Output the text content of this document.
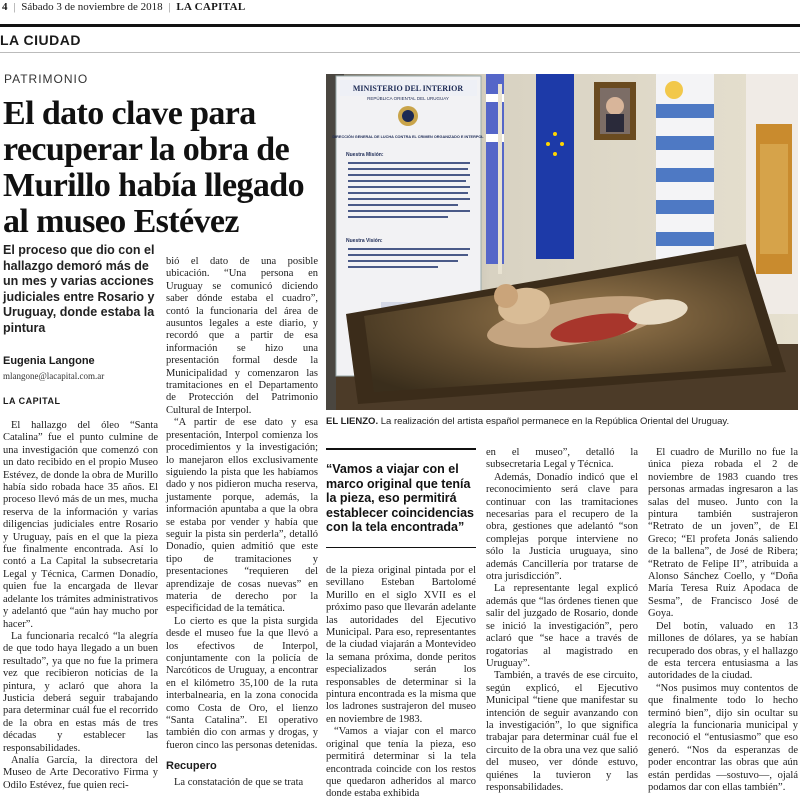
4 | Sábado 3 de noviembre de 2018 | LA CAPITAL
LA CIUDAD
PATRIMONIO
El dato clave para recuperar la obra de Murillo había llegado al museo Estévez
El proceso que dio con el hallazgo demoró más de un mes y varias acciones judiciales entre Rosario y Uruguay, donde estaba la pintura
Eugenia Langone
mlangone@lacapital.com.ar
LA CAPITAL

El hallazgo del óleo “Santa Catalina” fue el punto culmine de una investigación que comenzó con un dato recibido en el propio Museo Estévez, de donde la obra de Murillo había sido robada hace 35 años. El proceso llevó más de un mes, mucha reserva de la información y varias diligencias judiciales entre Rosario y Uruguay, país en el que la pieza fue finalmente encontrada. Así lo contó a La Capital la subsecretaria Legal y Técnica, Carmen Donadío, quien fue la encargada de llevar adelante los trámites administrativos y adelantó que “aún hay mucho por hacer”.

La funcionaria recalcó “la alegría de que todo haya llegado a un buen resultado”, ya que no fue la primera vez que recibieron noticias de la pintura, y aclaró que ahora la Justicia deberá seguir trabajando para determinar cuál fue el recorrido de la obra en estas más de tres décadas y establecer las responsabilidades.

Analía García, la directora del Museo de Arte Decorativo Firma y Odilo Estévez, fue quien reci-

bió el dato de una posible ubicación. “Una persona en Uruguay se comunicó diciendo saber dónde estaba el cuadro”, contó la funcionaria del área de ausuntos legales a este diario, y recordó que a partir de esa información se hizo una presentación formal desde la Municipalidad y comenzaron las tramitaciones en el Departamento de Protección del Patrimonio Cultural de Interpol.

“A partir de ese dato y esa presentación, Interpol comienza los procedimientos y la investigación; lo manejaron ellos exclusivamente siguiendo la pista que les habíamos dado y nos pidieron mucha reserva, justamente porque, además, la información apuntaba a que la obra se estaba por vender y había que seguir la pista sin perderla”, detalló Donadío, quien admitió que este tipo de tramitaciones y presentaciones “requieren del aprendizaje de cosas nuevas” en materia de derecho por la especificidad de la temática.

Lo cierto es que la pista surgida desde el museo fue la que llevó a los efectivos de Interpol, conjuntamente con la policía de Narcóticos de Uruguay, a encontrar en el kilómetro 35,100 de la ruta interbalnearia, en la zona conocida como Costa de Oro, el lienzo “Santa Catalina”. El operativo también dio con armas y drogas, y fueron cinco las personas detenidas.

Recupero

La constatación de que se trata

MINISTERIO DEL INTERIOR
REPÚBLICA ORIENTAL DEL URUGUAY
DIRECCIÓN GENERAL DE LUCHA CONTRA EL CRIMEN ORGANIZADO E INTERPOL
Nuestra Misión:
Nuestra Visión:
EL LIENZO. La realización del artista español permanece en la República Oriental del Uruguay.
“Vamos a viajar con el marco original que tenía la pieza, eso permitirá establecer coincidencias con la tela encontrada”

de la pieza original pintada por el sevillano Esteban Bartolomé Murillo en el siglo XVII es el próximo paso que llevarán adelante las autoridades del Ejecutivo Municipal. Para eso, representantes de la ciudad viajarán a Montevideo la semana próxima, donde peritos especializados serán los responsables de determinar si la pintura encontrada es la misma que los ladrones sustrajeron del museo en noviembre de 1983.

“Vamos a viajar con el marco original que tenía la pieza, eso permitirá determinar si la tela encontrada coincide con los restos que quedaron adheridos al marco donde estaba exhibida

en el museo”, detalló la subsecretaria Legal y Técnica.

Además, Donadío indicó que el reconocimiento será clave para continuar con las tramitaciones necesarias para el recupero de la obra, gestiones que adelantó “son complejas porque interviene no sólo la Justicia uruguaya, sino además Cancillería por tratarse de otra jurisdicción”.

La representante legal explicó además que “las órdenes tienen que salir del juzgado de Rosario, donde se inició la investigación”, pero aclaró que “se hace a través de rogatorias al magistrado en Uruguay”.

También, a través de ese circuito, según explicó, el Ejecutivo Municipal “tiene que manifestar su intención de seguir avanzando con la investigación”, lo que significa trabajar para determinar cuál fue el circuito de la obra una vez que salió del museo, ver dónde estuvo, quiénes la tuvieron y las responsabilidades.

El cuadro de Murillo no fue la única pieza robada el 2 de noviembre de 1983 cuando tres personas armadas ingresaron a las salas del museo. Junto con la pintura también sustrajeron “Retrato de un joven”, de El Greco; “El profeta Jonás saliendo de la ballena”, de José de Ribera; “Retrato de Felipe II”, atribuida a Alonso Sánchez Coello, y “Doña María Teresa Ruiz Apodaca de Sesma”, de Francisco José de Goya.

Del botín, valuado en 13 millones de dólares, ya se habían recuperado dos obras, y el hallazgo de esta tercera entusiasma a las autoridades de la ciudad.

“Nos pusimos muy contentos de que finalmente todo lo hecho terminó bien”, dijo sin ocultar su alegría la funcionaria municipal y reconoció el “entusiasmo” que eso generó. “Nos da esperanzas de poder encontrar las obras que aún están perdidas —sostuvo—, ojalá podamos dar con ellas también”.
